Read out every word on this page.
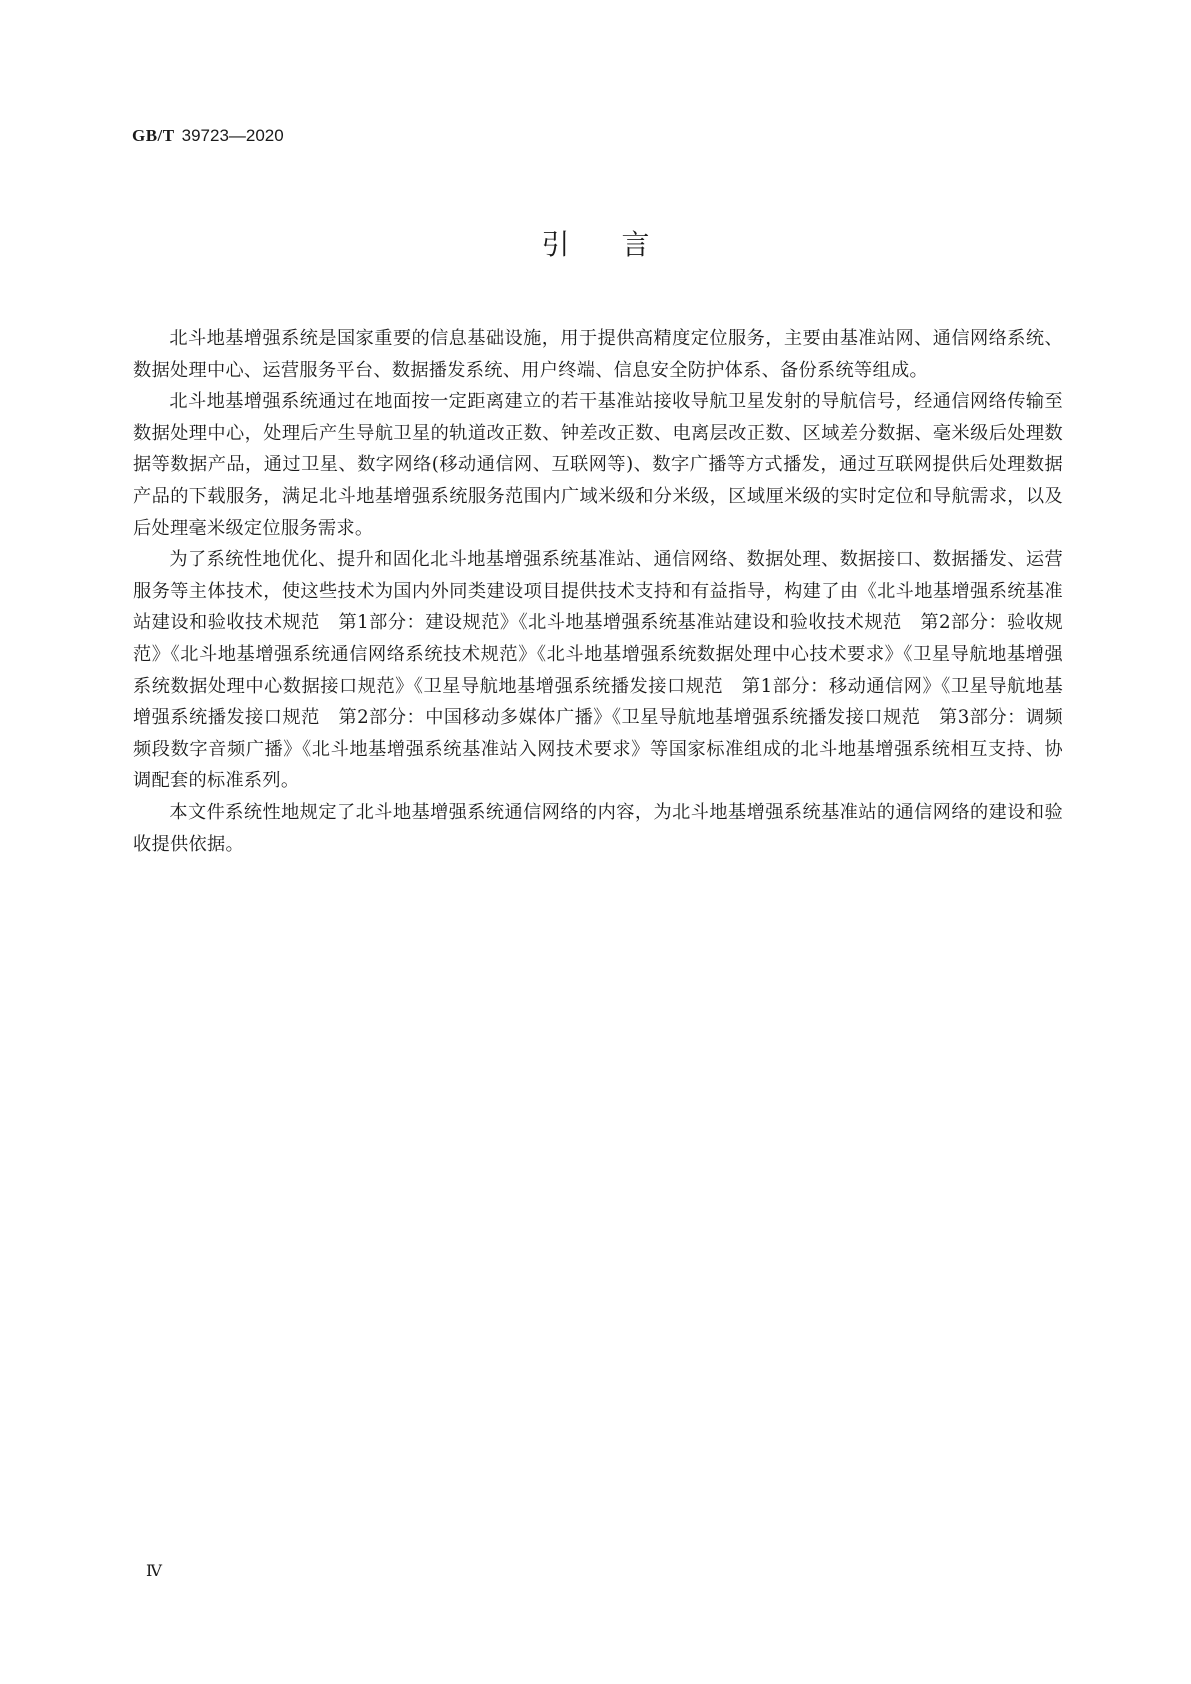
GB/T 39723—2020
引 言

北斗地基增强系统是国家重要的信息基础设施，用于提供高精度定位服务，主要由基准站网、通信网络系统、数据处理中心、运营服务平台、数据播发系统、用户终端、信息安全防护体系、备份系统等组成。

北斗地基增强系统通过在地面按一定距离建立的若干基准站接收导航卫星发射的导航信号，经通信网络传输至数据处理中心，处理后产生导航卫星的轨道改正数、钟差改正数、电离层改正数、区域差分数据、毫米级后处理数据等数据产品，通过卫星、数字网络(移动通信网、互联网等)、数字广播等方式播发，通过互联网提供后处理数据产品的下载服务，满足北斗地基增强系统服务范围内广域米级和分米级，区域厘米级的实时定位和导航需求，以及后处理毫米级定位服务需求。

为了系统性地优化、提升和固化北斗地基增强系统基准站、通信网络、数据处理、数据接口、数据播发、运营服务等主体技术，使这些技术为国内外同类建设项目提供技术支持和有益指导，构建了由《北斗地基增强系统基准站建设和验收技术规范　第1部分：建设规范》《北斗地基增强系统基准站建设和验收技术规范　第2部分：验收规范》《北斗地基增强系统通信网络系统技术规范》《北斗地基增强系统数据处理中心技术要求》《卫星导航地基增强系统数据处理中心数据接口规范》《卫星导航地基增强系统播发接口规范　第1部分：移动通信网》《卫星导航地基增强系统播发接口规范　第2部分：中国移动多媒体广播》《卫星导航地基增强系统播发接口规范　第3部分：调频频段数字音频广播》《北斗地基增强系统基准站入网技术要求》等国家标准组成的北斗地基增强系统相互支持、协调配套的标准系列。

本文件系统性地规定了北斗地基增强系统通信网络的内容，为北斗地基增强系统基准站的通信网络的建设和验收提供依据。

Ⅳ
